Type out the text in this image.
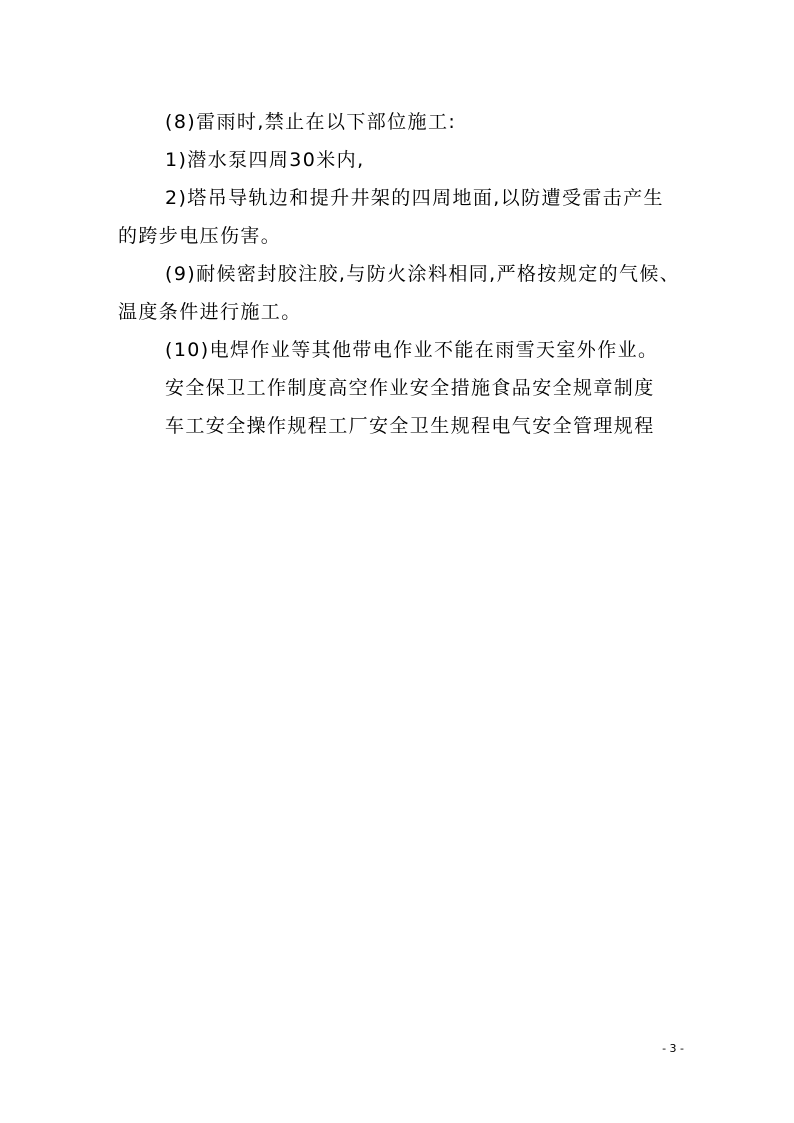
(8)雷雨时,禁止在以下部位施工:

1)潜水泵四周30米内,

2)塔吊导轨边和提升井架的四周地面,以防遭受雷击产生的跨步电压伤害。

(9)耐候密封胶注胶,与防火涂料相同,严格按规定的气候、温度条件进行施工。

(10)电焊作业等其他带电作业不能在雨雪天室外作业。

安全保卫工作制度高空作业安全措施食品安全规章制度

车工安全操作规程工厂安全卫生规程电气安全管理规程

- 3 -
